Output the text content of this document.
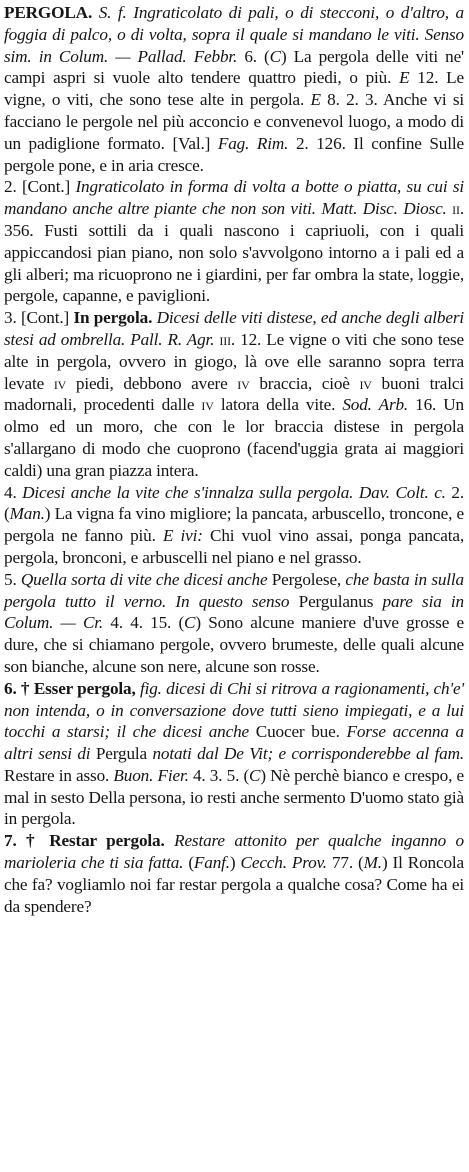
PERGOLA. S. f. Ingraticolato di pali, o di stecconi, o d'altro, a foggia di palco, o di volta, sopra il quale si mandano le viti. Senso sim. in Colum. — Pallad. Febbr. 6. (C) La pergola delle viti ne' campi aspri si vuole alto tendere quattro piedi, o più. E 12. Le vigne, o viti, che sono tese alte in pergola. E 8. 2. 3. Anche vi si facciano le pergole nel più acconcio e convenevol luogo, a modo di un padiglione formato. [Val.] Fag. Rim. 2. 126. Il confine Sulle pergole pone, e in aria cresce.

2. [Cont.] Ingraticolato in forma di volta a botte o piatta, su cui si mandano anche altre piante che non son viti. Matt. Disc. Diosc. ii. 356. Fusti sottili da i quali nascono i capriuoli, con i quali appiccandosi pian piano, non solo s'avvolgono intorno a i pali ed a gli alberi; ma ricuoprono ne i giardini, per far ombra la state, loggie, pergole, capanne, e paviglioni.

3. [Cont.] In pergola. Dicesi delle viti distese, ed anche degli alberi stesi ad ombrella. Pall. R. Agr. iii. 12. Le vigne o viti che sono tese alte in pergola, ovvero in giogo, là ove elle saranno sopra terra levate iv piedi, debbono avere iv braccia, cioè iv buoni tralci madornali, procedenti dalle iv latora della vite. Sod. Arb. 16. Un olmo ed un moro, che con le lor braccia distese in pergola s'allargano di modo che cuoprono (facend'uggia grata ai maggiori caldi) una gran piazza intera.

4. Dicesi anche la vite che s'innalza sulla pergola. Dav. Colt. c. 2. (Man.) La vigna fa vino migliore; la pancata, arbuscello, troncone, e pergola ne fanno più. E ivi: Chi vuol vino assai, ponga pancata, pergola, bronconi, e arbuscelli nel piano e nel grasso.

5. Quella sorta di vite che dicesi anche Pergolese, che basta in sulla pergola tutto il verno. In questo senso Pergulanus pare sia in Colum. — Cr. 4. 4. 15. (C) Sono alcune maniere d'uve grosse e dure, che si chiamano pergole, ovvero brumeste, delle quali alcune son bianche, alcune son nere, alcune son rosse.

6. † Esser pergola, fig. dicesi di Chi si ritrova a ragionamenti, ch'e' non intenda, o in conversazione dove tutti sieno impiegati, e a lui tocchi a starsi; il che dicesi anche Cuocer bue. Forse accenna a altri sensi di Pergula notati dal De Vit; e corrisponderebbe al fam. Restare in asso. Buon. Fier. 4. 3. 5. (C) Nè perchè bianco e crespo, e mal in sesto Della persona, io resti anche sermento D'uomo stato già in pergola.

7. † Restar pergola. Restare attonito per qualche inganno o marioleria che ti sia fatta. (Fanf.) Cecch. Prov. 77. (M.) Il Roncola che fa? vogliamlo noi far restar pergola a qualche cosa? Come ha ei da spendere?
